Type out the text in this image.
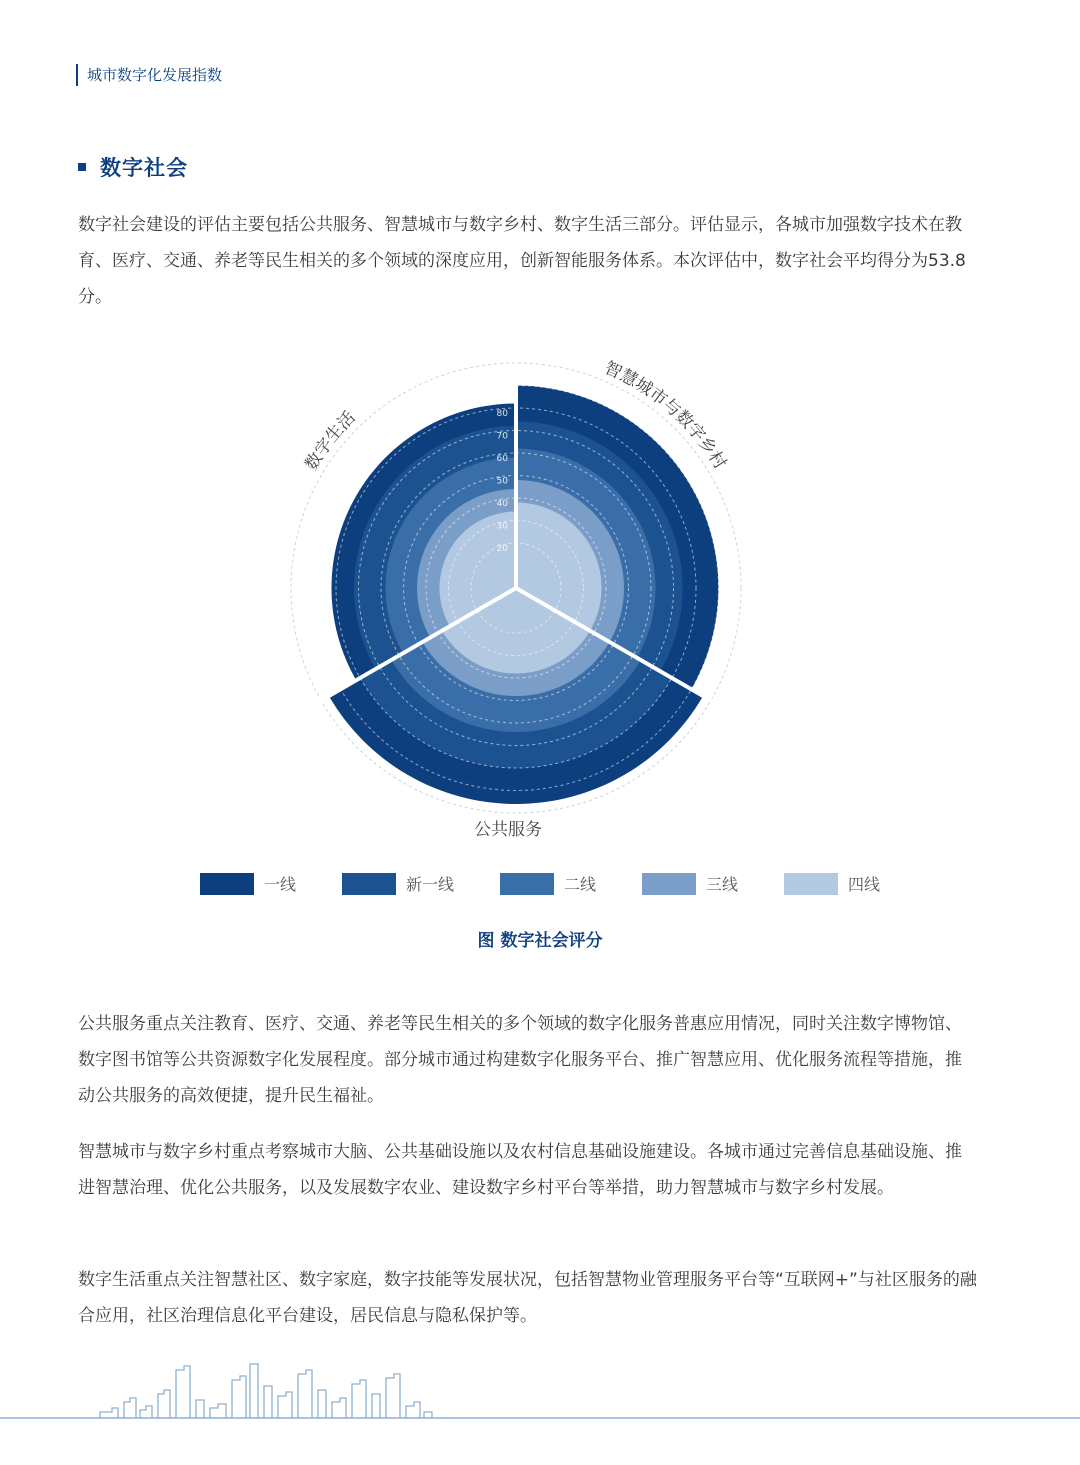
城市数字化发展指数
数字社会

数字社会建设的评估主要包括公共服务、智慧城市与数字乡村、数字生活三部分。评估显示，各城市加强数字技术在教育、医疗、交通、养老等民生相关的多个领域的深度应用，创新智能服务体系。本次评估中，数字社会平均得分为53.8分。

20
30
40
50
60
70
80
90
智慧城市与数字乡村
数字生活
公共服务
一线	新一线	二线	三线	四线
图 数字社会评分

公共服务重点关注教育、医疗、交通、养老等民生相关的多个领域的数字化服务普惠应用情况，同时关注数字博物馆、数字图书馆等公共资源数字化发展程度。部分城市通过构建数字化服务平台、推广智慧应用、优化服务流程等措施，推动公共服务的高效便捷，提升民生福祉。

智慧城市与数字乡村重点考察城市大脑、公共基础设施以及农村信息基础设施建设。各城市通过完善信息基础设施、推进智慧治理、优化公共服务，以及发展数字农业、建设数字乡村平台等举措，助力智慧城市与数字乡村发展。

数字生活重点关注智慧社区、数字家庭，数字技能等发展状况，包括智慧物业管理服务平台等“互联网+”与社区服务的融合应用，社区治理信息化平台建设，居民信息与隐私保护等。
